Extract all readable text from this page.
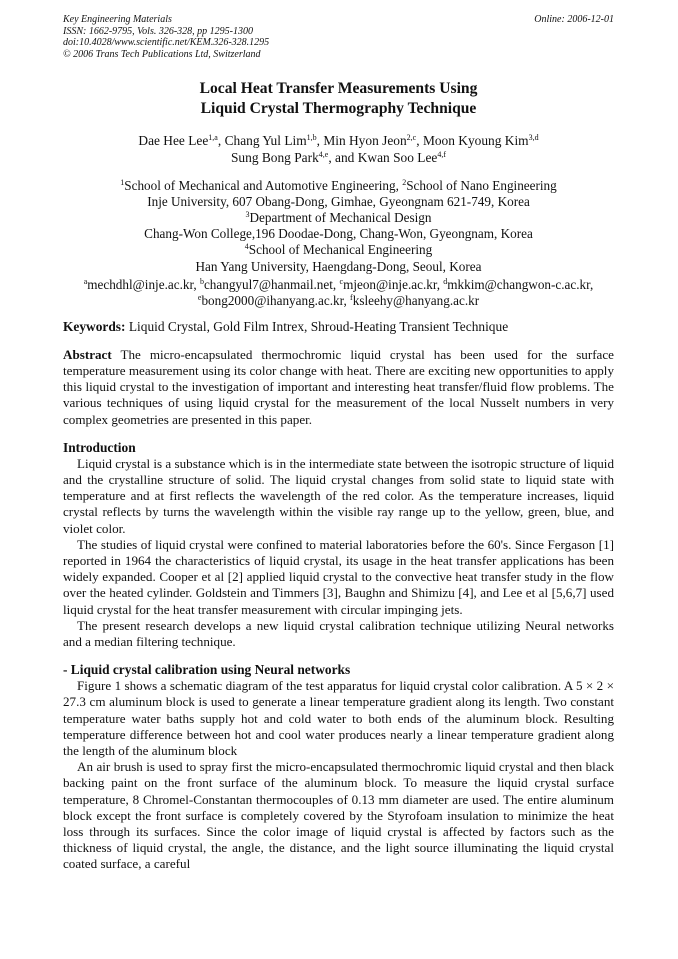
Key Engineering Materials
ISSN: 1662-9795, Vols. 326-328, pp 1295-1300
doi:10.4028/www.scientific.net/KEM.326-328.1295
© 2006 Trans Tech Publications Ltd, Switzerland
Online: 2006-12-01
Local Heat Transfer Measurements Using
Liquid Crystal Thermography Technique
Dae Hee Lee$^{1,a}$, Chang Yul Lim$^{1,b}$, Min Hyon Jeon$^{2,c}$, Moon Kyoung Kim$^{3,d}$
Sung Bong Park$^{4,e}$, and Kwan Soo Lee$^{4,f}$
$^1$School of Mechanical and Automotive Engineering, $^2$School of Nano Engineering
Inje University, 607 Obang-Dong, Gimhae, Gyeongnam 621-749, Korea
$^3$Department of Mechanical Design
Chang-Won College,196 Doodae-Dong, Chang-Won, Gyeongnam, Korea
$^4$School of Mechanical Engineering
Han Yang University, Haengdang-Dong, Seoul, Korea
$^a$mechdhl@inje.ac.kr, $^b$changyul7@hanmail.net, $^c$mjeon@inje.ac.kr, $^d$mkkim@changwon-c.ac.kr,
$^e$bong2000@ihanyang.ac.kr, $^f$ksleehy@hanyang.ac.kr
Keywords: Liquid Crystal, Gold Film Intrex, Shroud-Heating Transient Technique
Abstract The micro-encapsulated thermochromic liquid crystal has been used for the surface temperature measurement using its color change with heat. There are exciting new opportunities to apply this liquid crystal to the investigation of important and interesting heat transfer/fluid flow problems. The various techniques of using liquid crystal for the measurement of the local Nusselt numbers in very complex geometries are presented in this paper.
Introduction

Liquid crystal is a substance which is in the intermediate state between the isotropic structure of liquid and the crystalline structure of solid. The liquid crystal changes from solid state to liquid state with temperature and at first reflects the wavelength of the red color. As the temperature increases, liquid crystal reflects by turns the wavelength within the visible ray range up to the yellow, green, blue, and violet color.

The studies of liquid crystal were confined to material laboratories before the 60's. Since Fergason [1] reported in 1964 the characteristics of liquid crystal, its usage in the heat transfer applications has been widely expanded. Cooper et al [2] applied liquid crystal to the convective heat transfer study in the flow over the heated cylinder. Goldstein and Timmers [3], Baughn and Shimizu [4], and Lee et al [5,6,7] used liquid crystal for the heat transfer measurement with circular impinging jets.

The present research develops a new liquid crystal calibration technique utilizing Neural networks and a median filtering technique.

- Liquid crystal calibration using Neural networks

Figure 1 shows a schematic diagram of the test apparatus for liquid crystal color calibration. A 5 × 2 × 27.3 cm aluminum block is used to generate a linear temperature gradient along its length. Two constant temperature water baths supply hot and cold water to both ends of the aluminum block. Resulting temperature difference between hot and cool water produces nearly a linear temperature gradient along the length of the aluminum block

An air brush is used to spray first the micro-encapsulated thermochromic liquid crystal and then black backing paint on the front surface of the aluminum block. To measure the liquid crystal surface temperature, 8 Chromel-Constantan thermocouples of 0.13 mm diameter are used. The entire aluminum block except the front surface is completely covered by the Styrofoam insulation to minimize the heat loss through its surfaces. Since the color image of liquid crystal is affected by factors such as the thickness of liquid crystal, the angle, the distance, and the light source illuminating the liquid crystal coated surface, a careful
